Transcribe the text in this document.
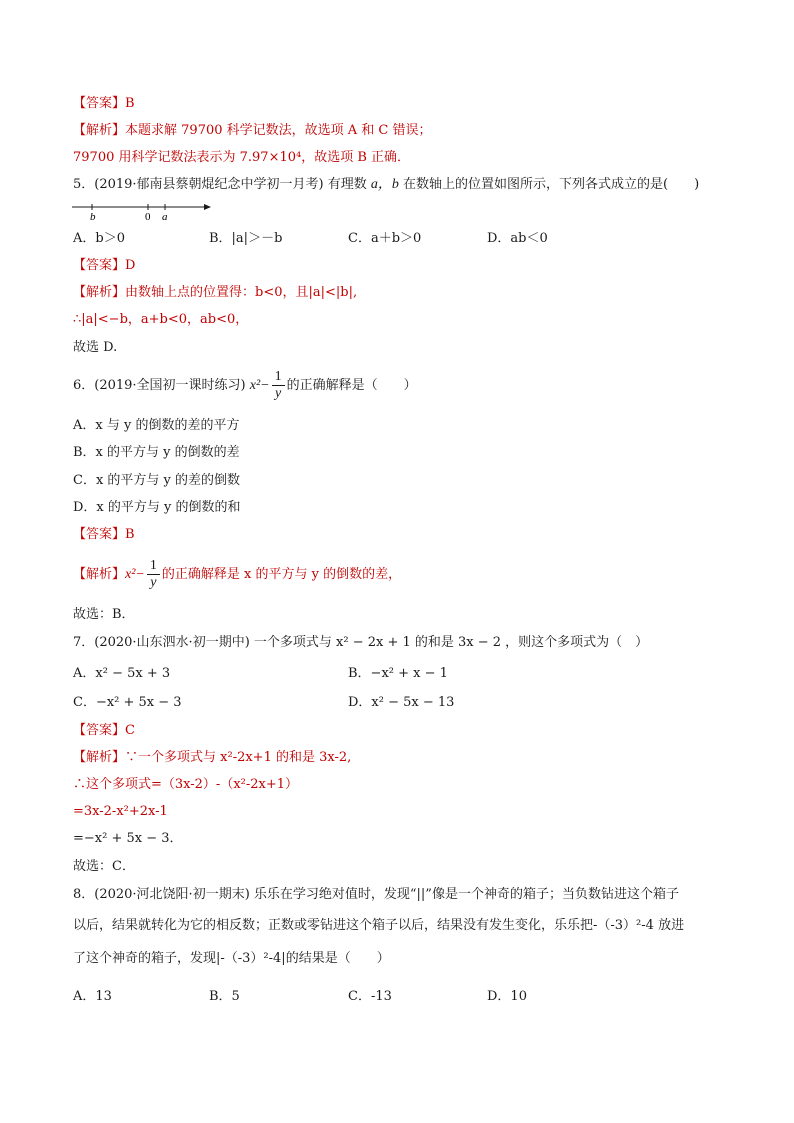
【答案】B
【解析】本题求解 79700 科学记数法，故选项 A 和 C 错误；
79700 用科学记数法表示为 7.97×10⁴，故选项 B 正确．
5．(2019·郁南县蔡朝焜纪念中学初一月考) 有理数 a，b 在数轴上的位置如图所示，下列各式成立的是(　　)
b	0 a
A．b＞0	B．|a|＞－b	C．a＋b＞0	D．ab＜0
【答案】D
【解析】由数轴上点的位置得：b<0，且|a|<|b|,
∴|a|<−b，a+b<0，ab<0，
故选 D.
6．(2019·全国初一课时练习) $x^2- \frac{1}{y}$ 的正确解释是（　　）
A．x 与 y 的倒数的差的平方
B．x 的平方与 y 的倒数的差
C．x 的平方与 y 的差的倒数
D．x 的平方与 y 的倒数的和
【答案】B
【解析】$x^2- \frac{1}{y}$ 的正确解释是 x 的平方与 y 的倒数的差，
故选：B．
7．(2020·山东泗水·初一期中) 一个多项式与 x² − 2x + 1 的和是 3x − 2 ，则这个多项式为（　）
A．x² − 5x + 3	B．−x² + x − 1
C．−x² + 5x − 3	D．x² − 5x − 13
【答案】C
【解析】∵一个多项式与 x²-2x+1 的和是 3x-2,
∴这个多项式=（3x-2）-（x²-2x+1）
=3x-2-x²+2x-1
=−x² + 5x − 3．
故选：C．
8．(2020·河北饶阳·初一期末) 乐乐在学习绝对值时，发现“||”像是一个神奇的箱子；当负数钻进这个箱子
以后，结果就转化为它的相反数；正数或零钻进这个箱子以后，结果没有发生变化，乐乐把-（-3）²-4 放进
了这个神奇的箱子，发现|-（-3）²-4|的结果是（　　）
A．13	B．5	C．-13	D．10
